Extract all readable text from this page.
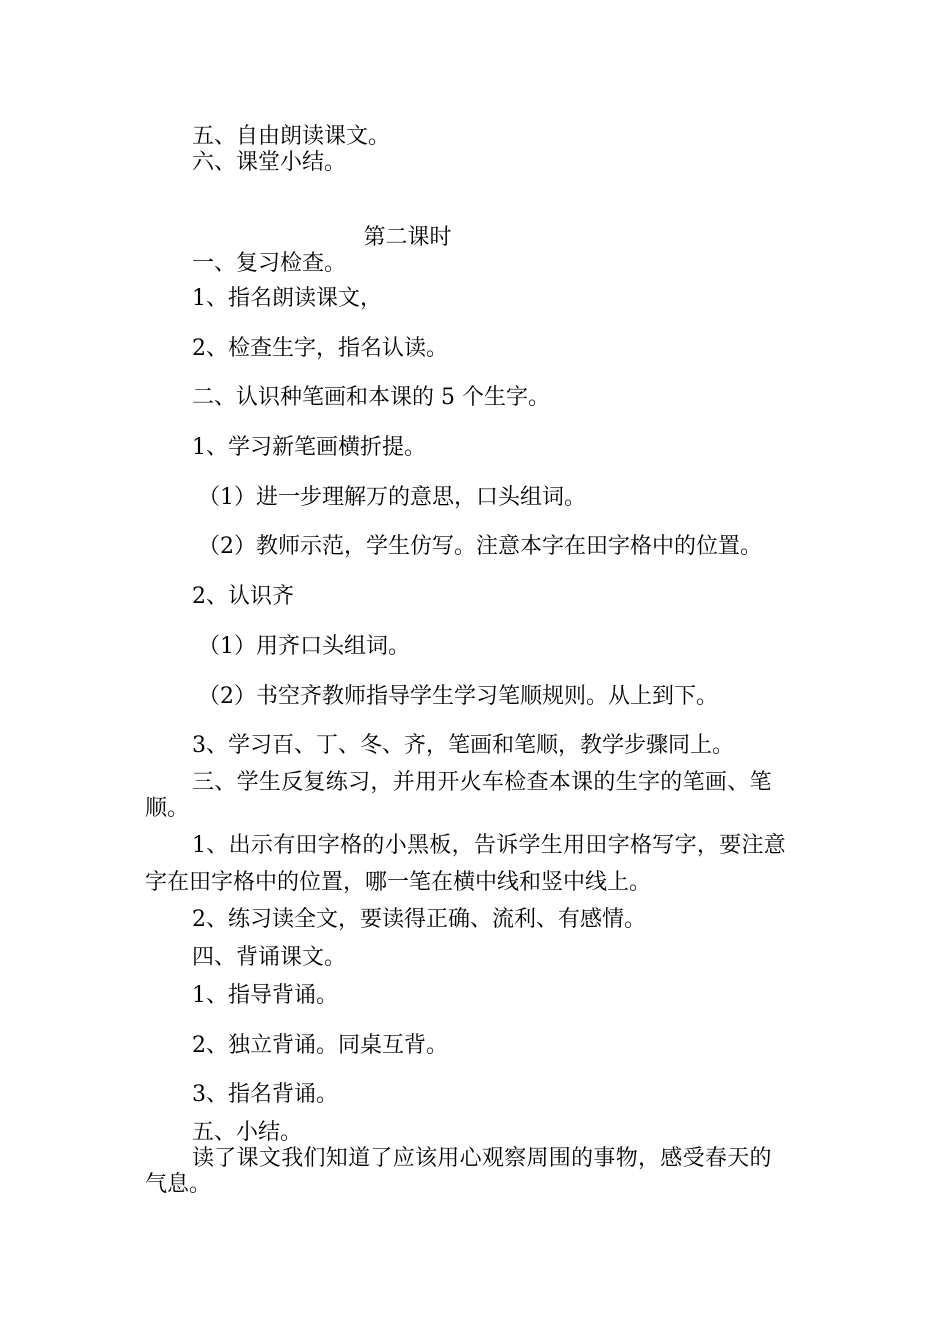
五、自由朗读课文。
六、课堂小结。
第二课时
一、复习检查。
1、指名朗读课文，
2、检查生字，指名认读。
二、认识种笔画和本课的 5 个生字。
1、学习新笔画横折提。
（1）进一步理解万的意思，口头组词。
（2）教师示范，学生仿写。注意本字在田字格中的位置。
2、认识齐
（1）用齐口头组词。
（2）书空齐教师指导学生学习笔顺规则。从上到下。
3、学习百、丁、冬、齐，笔画和笔顺，教学步骤同上。
三、学生反复练习，并用开火车检查本课的生字的笔画、笔
顺。
1、出示有田字格的小黑板，告诉学生用田字格写字，要注意
字在田字格中的位置，哪一笔在横中线和竖中线上。
2、练习读全文，要读得正确、流利、有感情。
四、背诵课文。
1、指导背诵。
2、独立背诵。同桌互背。
3、指名背诵。
五、小结。
读了课文我们知道了应该用心观察周围的事物，感受春天的
气息。
